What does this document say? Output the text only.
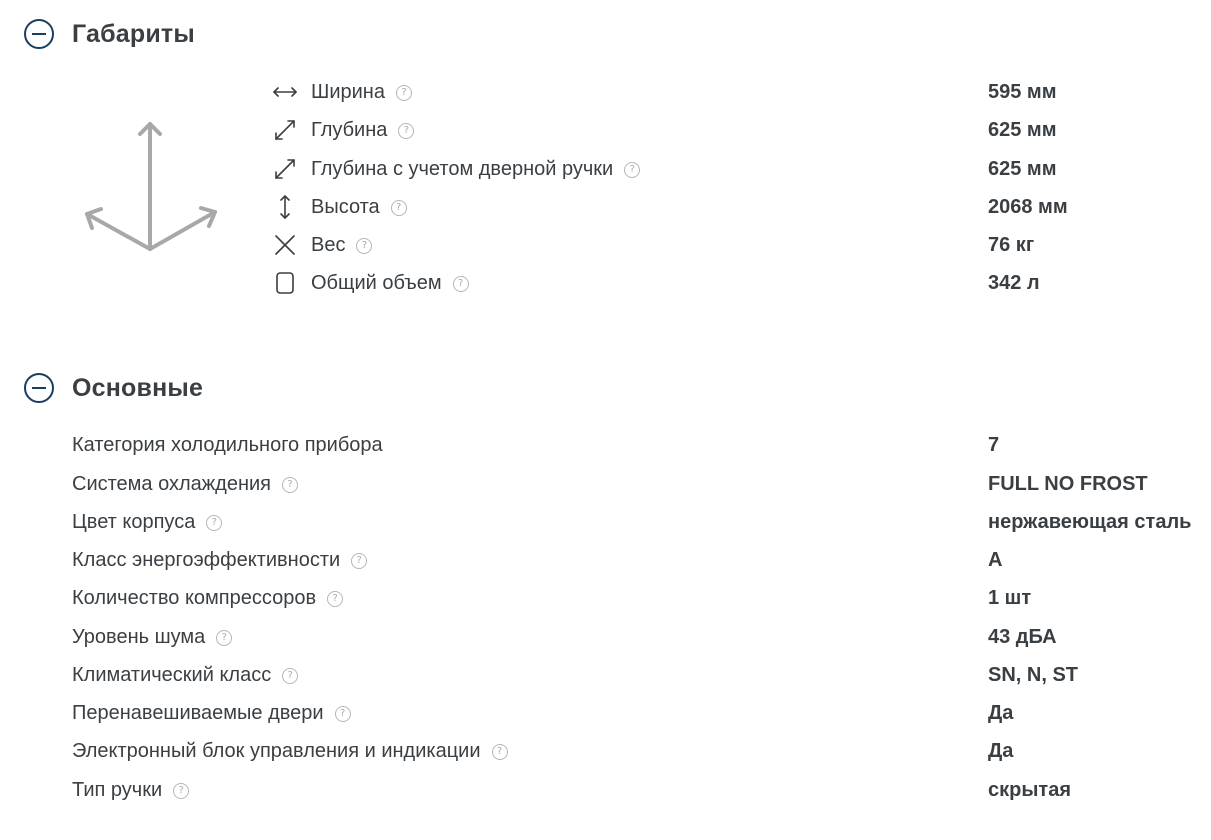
Габариты
Ширина	?	595 мм
Глубина	?	625 мм
Глубина с учетом дверной ручки	?	625 мм
Высота	?	2068 мм
Вес	?	76 кг
Общий объем	?	342 л
Основные
Категория холодильного прибора	7
Система охлаждения	?	FULL NO FROST
Цвет корпуса	?	нержавеющая сталь
Класс энергоэффективности	?	A
Количество компрессоров	?	1 шт
Уровень шума	?	43 дБА
Климатический класс	?	SN, N, ST
Перенавешиваемые двери	?	Да
Электронный блок управления и индикации	?	Да
Тип ручки	?	скрытая
